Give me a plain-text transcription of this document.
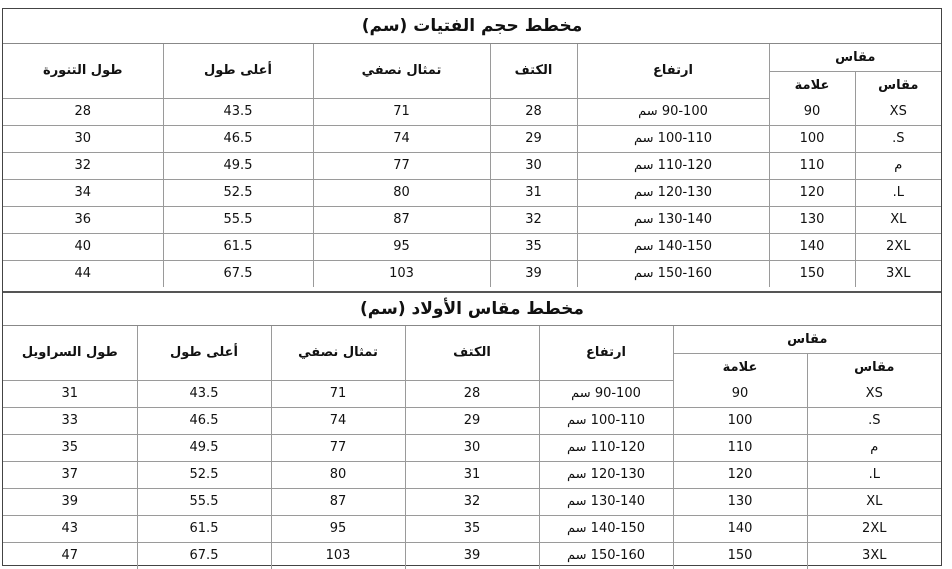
مخطط حجم الفتيات (سم)
مقاس		ارتفاع	الكتف	تمثال نصفي	أعلى طول	طول التنورة
مقاس	علامة					
XS	90	90-100 سم	28	71	43.5	28
S.	100	100-110 سم	29	74	46.5	30
م	110	110-120 سم	30	77	49.5	32
L.	120	120-130 سم	31	80	52.5	34
XL	130	130-140 سم	32	87	55.5	36
2XL	140	140-150 سم	35	95	61.5	40
3XL	150	150-160 سم	39	103	67.5	44
مخطط مقاس الأولاد (سم)
مقاس		ارتفاع	الكتف	تمثال نصفي	أعلى طول	طول السراويل
مقاس	علامة					
XS	90	90-100 سم	28	71	43.5	31
S.	100	100-110 سم	29	74	46.5	33
م	110	110-120 سم	30	77	49.5	35
L.	120	120-130 سم	31	80	52.5	37
XL	130	130-140 سم	32	87	55.5	39
2XL	140	140-150 سم	35	95	61.5	43
3XL	150	150-160 سم	39	103	67.5	47
